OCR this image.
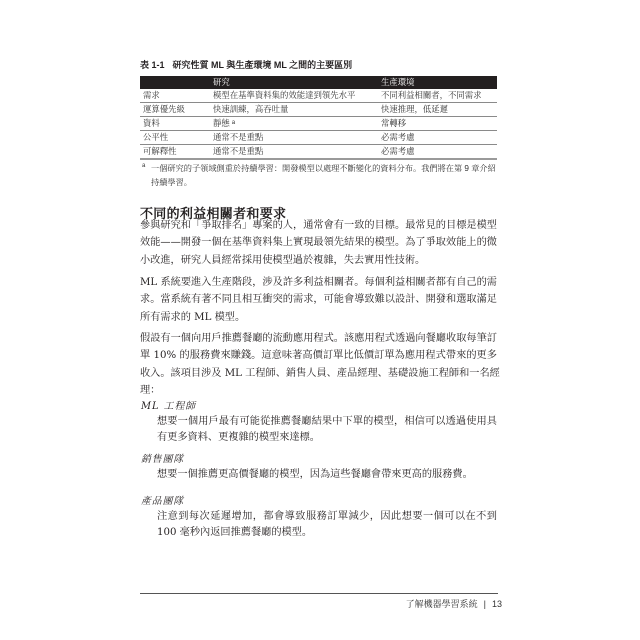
表 1-1 研究性質 ML 與生產環境 ML 之間的主要區別
	研究	生產環境
需求	模型在基準資料集的效能達到領先水平	不同利益相關者，不同需求
運算優先級	快速訓練，高吞吐量	快速推理，低延遲
資料	靜態 $^a$	常轉移
公平性	通常不是重點	必需考慮
可解釋性	通常不是重點	必需考慮
a 一個研究的子領域側重於持續學習：開發模型以處理不斷變化的資料分布。我們將在第 9 章介紹
持續學習。
不同的利益相關者和要求
參與研究和「爭取排名」專案的人，通常會有一致的目標。最常見的目標是模型
效能——開發一個在基準資料集上實現最領先結果的模型。為了爭取效能上的微
小改進，研究人員經常採用使模型過於複雜，失去實用性技術。
ML 系統要進入生產階段，涉及許多利益相關者。每個利益相關者都有自己的需
求。當系統有著不同且相互衝突的需求，可能會導致難以設計、開發和選取滿足
所有需求的 ML 模型。
假設有一個向用戶推薦餐廳的流動應用程式。該應用程式透過向餐廳收取每筆訂
單 10% 的服務費來賺錢。這意味著高價訂單比低價訂單為應用程式帶來的更多
收入。該項目涉及 ML 工程師、銷售人員、產品經理、基礎設施工程師和一名經
理：
ML 工程師
想要一個用戶最有可能從推薦餐廳結果中下單的模型，相信可以透過使用具
有更多資料、更複雜的模型來達標。
銷售團隊
想要一個推薦更高價餐廳的模型，因為這些餐廳會帶來更高的服務費。
產品團隊
注意到每次延遲增加，都會導致服務訂單減少，因此想要一個可以在不到
100 毫秒內返回推薦餐廳的模型。
了解機器學習系統 | 13
